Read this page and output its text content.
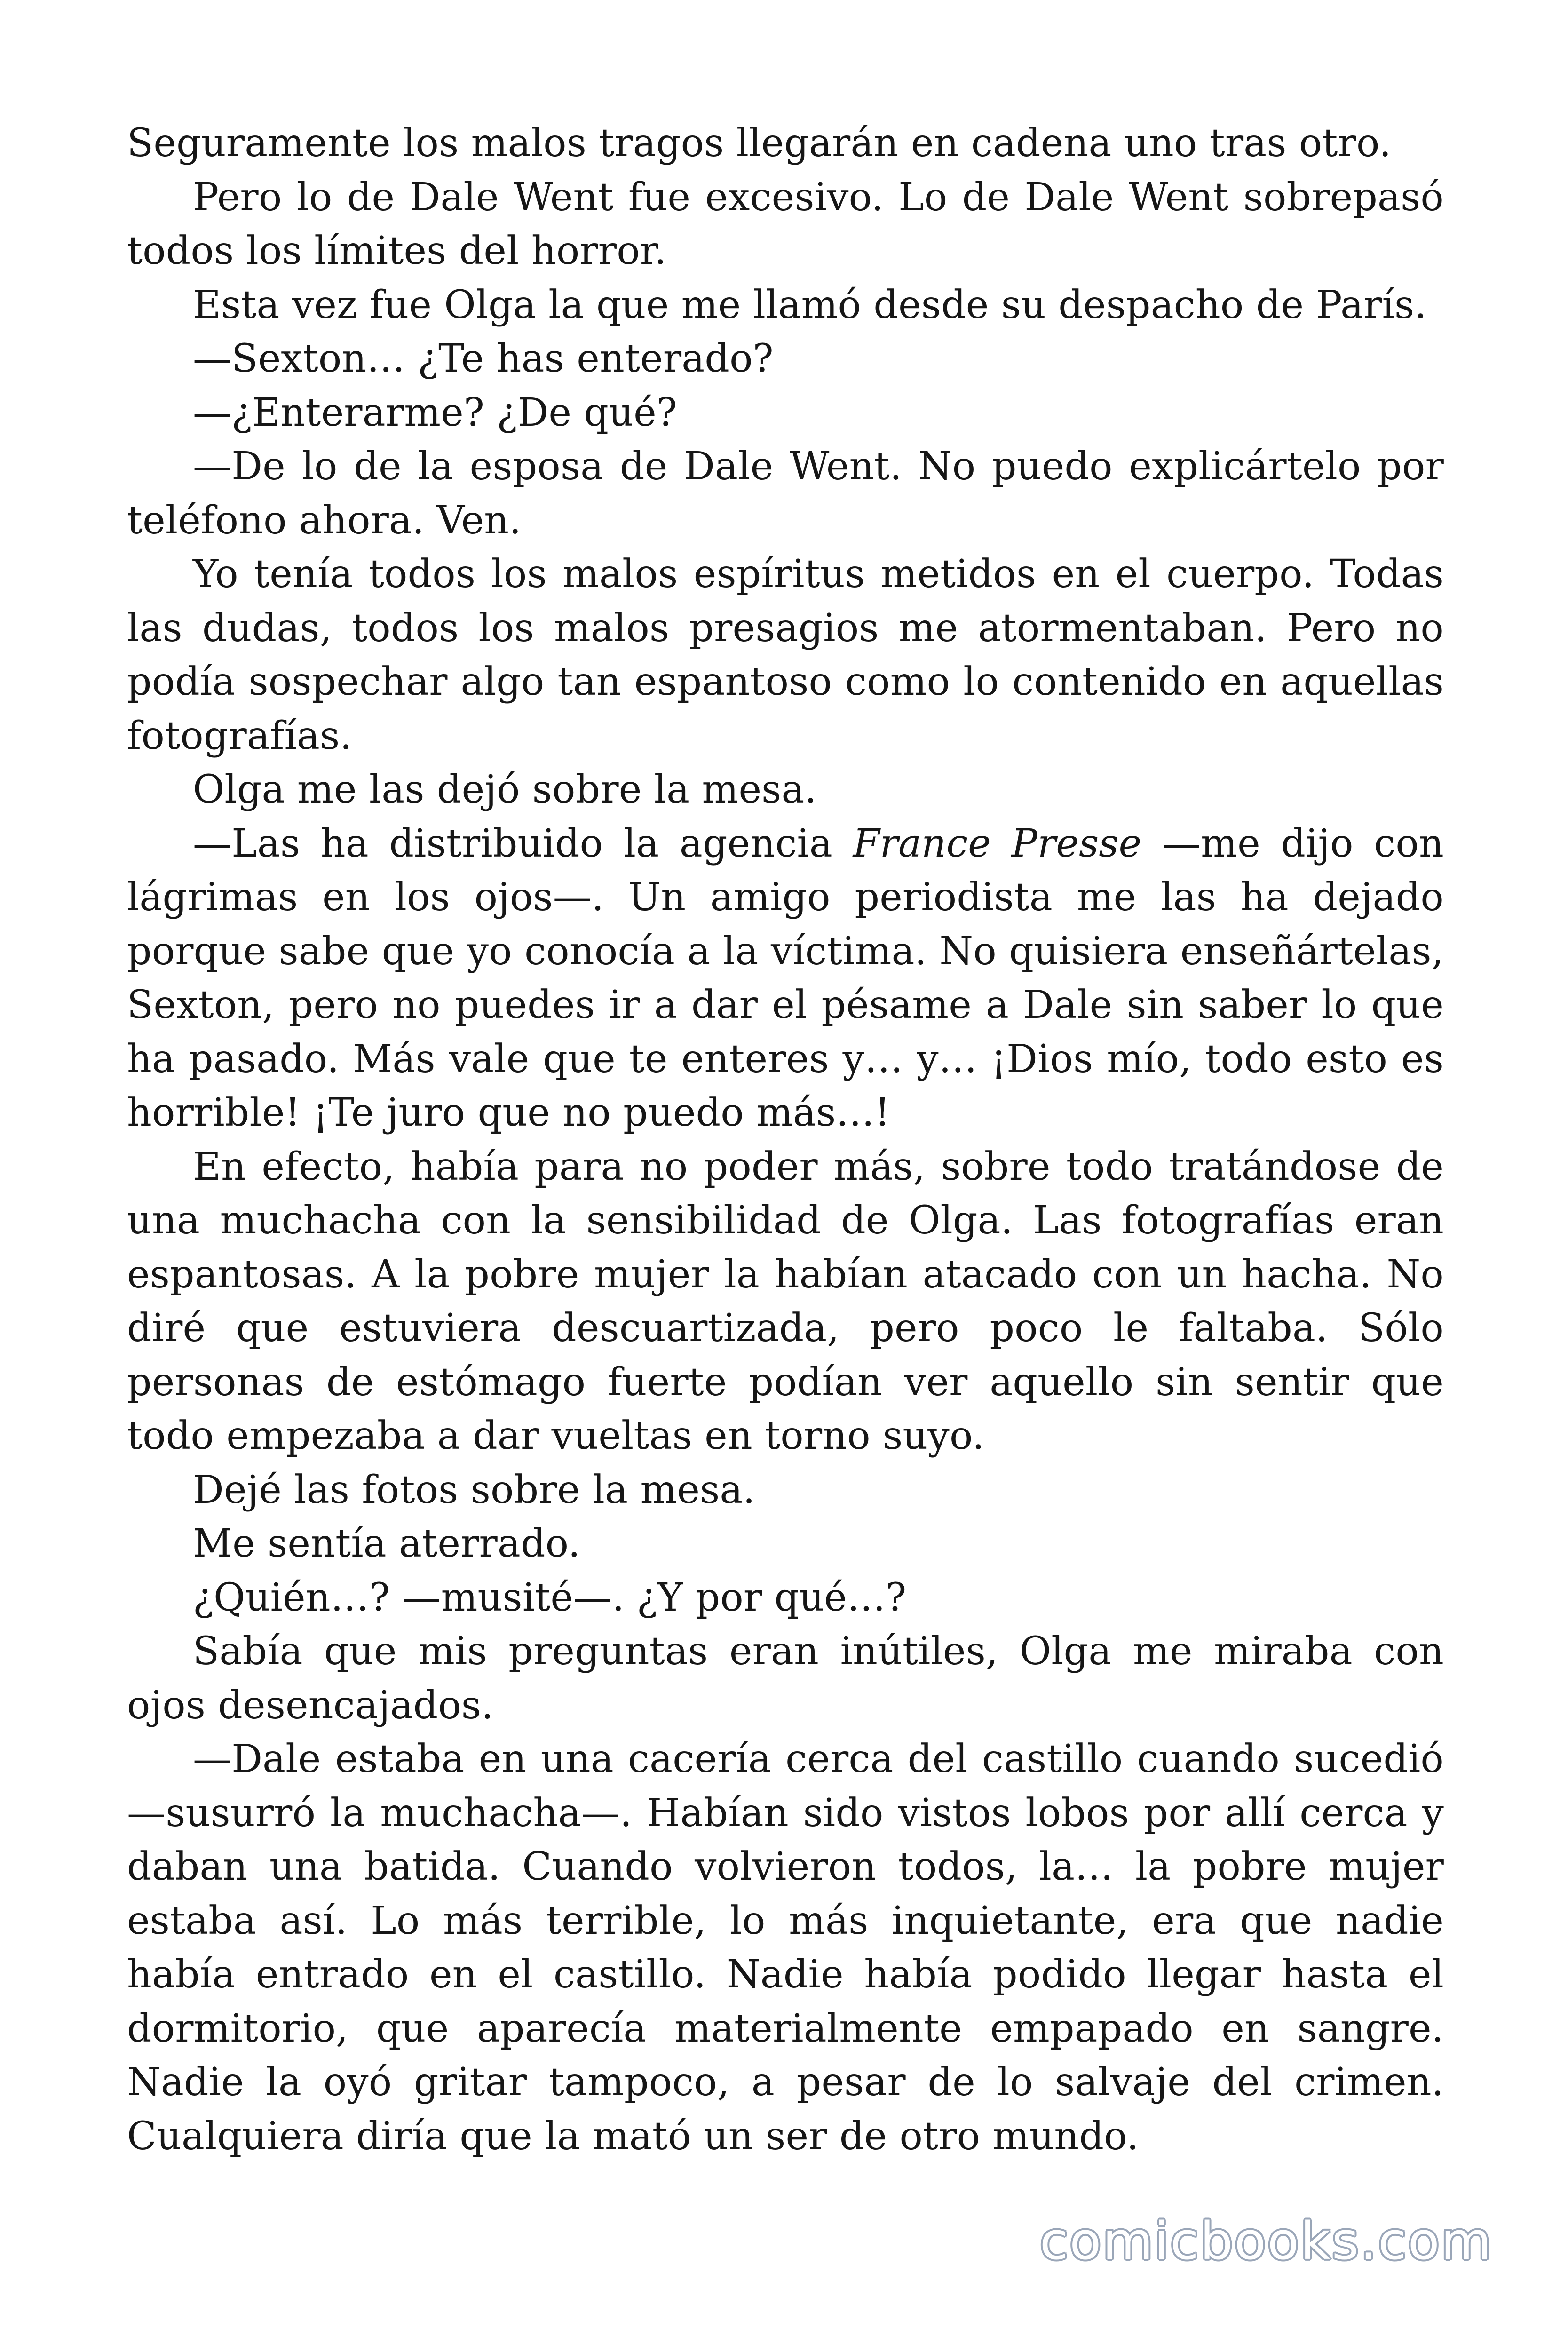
Seguramente los malos tragos llegarán en cadena uno tras otro.

Pero lo de Dale Went fue excesivo. Lo de Dale Went sobrepasó todos los límites del horror.

Esta vez fue Olga la que me llamó desde su despacho de París.

—Sexton… ¿Te has enterado?

—¿Enterarme? ¿De qué?

—De lo de la esposa de Dale Went. No puedo explicártelo por teléfono ahora. Ven.

Yo tenía todos los malos espíritus metidos en el cuerpo. Todas las dudas, todos los malos presagios me atormentaban. Pero no podía sospechar algo tan espantoso como lo contenido en aquellas fotografías.

Olga me las dejó sobre la mesa.

—Las ha distribuido la agencia France Presse —me dijo con lágrimas en los ojos—. Un amigo periodista me las ha dejado porque sabe que yo conocía a la víctima. No quisiera enseñártelas, Sexton, pero no puedes ir a dar el pésame a Dale sin saber lo que ha pasado. Más vale que te enteres y… y… ¡Dios mío, todo esto es horrible! ¡Te juro que no puedo más…!

En efecto, había para no poder más, sobre todo tratándose de una muchacha con la sensibilidad de Olga. Las fotografías eran espantosas. A la pobre mujer la habían atacado con un hacha. No diré que estuviera descuartizada, pero poco le faltaba. Sólo personas de estómago fuerte podían ver aquello sin sentir que todo empezaba a dar vueltas en torno suyo.

Dejé las fotos sobre la mesa.

Me sentía aterrado.

¿Quién…? —musité—. ¿Y por qué…?

Sabía que mis preguntas eran inútiles, Olga me miraba con ojos desencajados.

—Dale estaba en una cacería cerca del castillo cuando sucedió —susurró la muchacha—. Habían sido vistos lobos por allí cerca y daban una batida. Cuando volvieron todos, la… la pobre mujer estaba así. Lo más terrible, lo más inquietante, era que nadie había entrado en el castillo. Nadie había podido llegar hasta el dormitorio, que aparecía materialmente empapado en sangre. Nadie la oyó gritar tampoco, a pesar de lo salvaje del crimen. Cualquiera diría que la mató un ser de otro mundo.

comicbooks.com
